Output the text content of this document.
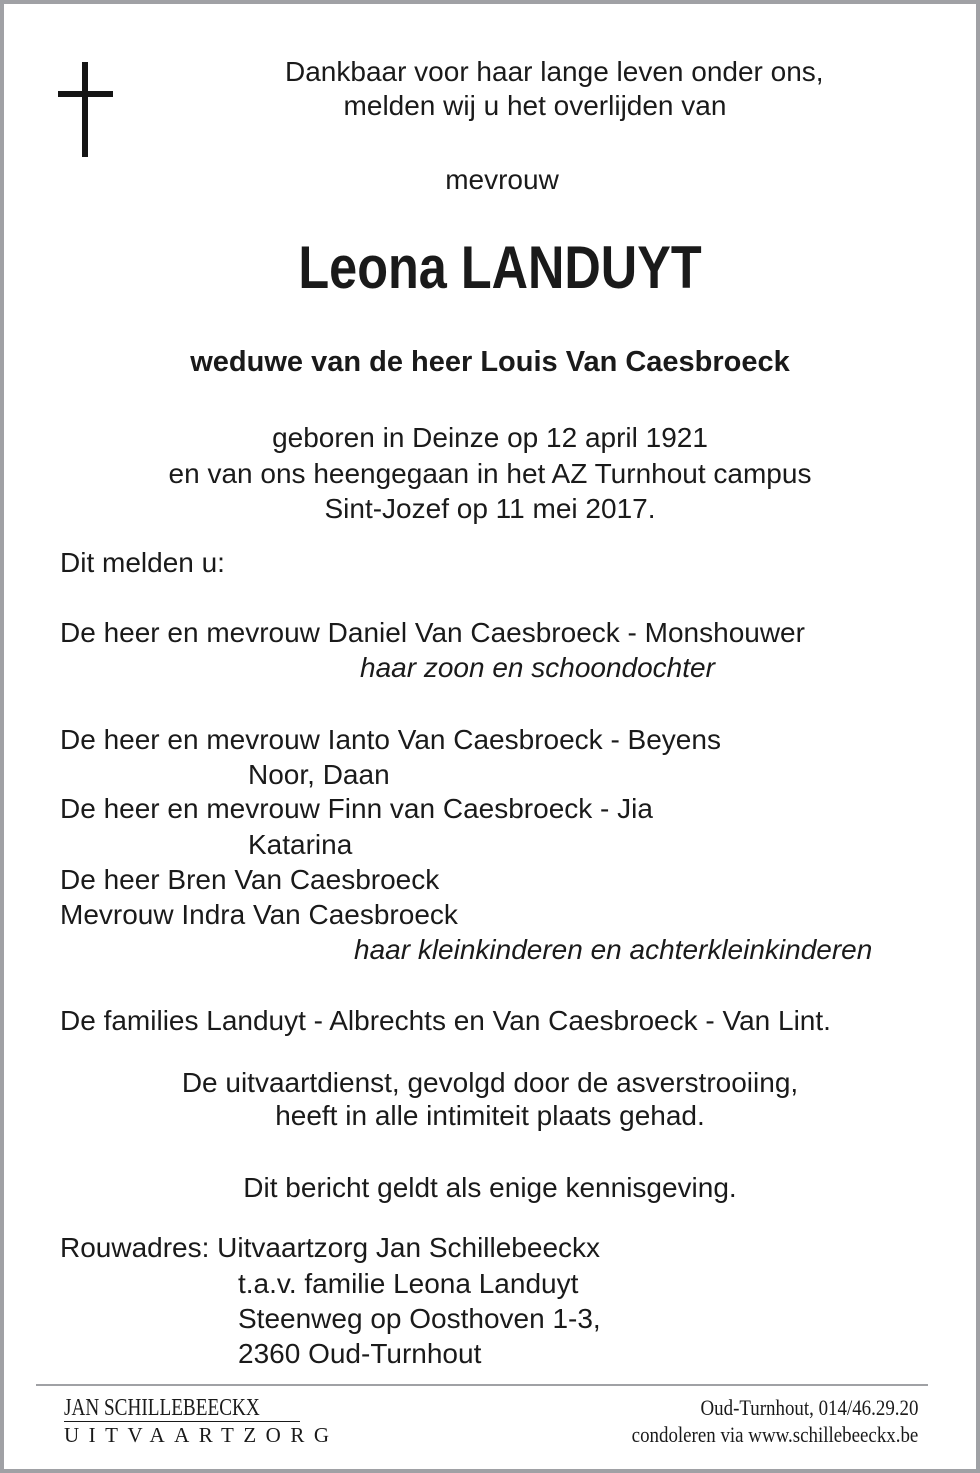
Dankbaar voor haar lange leven onder ons,
melden wij u het overlijden van
mevrouw
Leona LANDUYT
weduwe van de heer Louis Van Caesbroeck
geboren in Deinze op 12 april 1921
en van ons heengegaan in het AZ Turnhout campus
Sint-Jozef op 11 mei 2017.
Dit melden u:
De heer en mevrouw Daniel Van Caesbroeck - Monshouwer
haar zoon en schoondochter
De heer en mevrouw Ianto Van Caesbroeck - Beyens
Noor, Daan
De heer en mevrouw Finn van Caesbroeck - Jia
Katarina
De heer Bren Van Caesbroeck
Mevrouw Indra Van Caesbroeck
haar kleinkinderen en achterkleinkinderen
De families Landuyt - Albrechts en Van Caesbroeck - Van Lint.
De uitvaartdienst, gevolgd door de asverstrooiing,
heeft in alle intimiteit plaats gehad.
Dit bericht geldt als enige kennisgeving.
Rouwadres: Uitvaartzorg Jan Schillebeeckx
t.a.v. familie Leona Landuyt
Steenweg op Oosthoven 1-3,
2360 Oud-Turnhout
JAN SCHILLEBEECKX
UITVAARTZORG
Oud-Turnhout, 014/46.29.20
condoleren via www.schillebeeckx.be
